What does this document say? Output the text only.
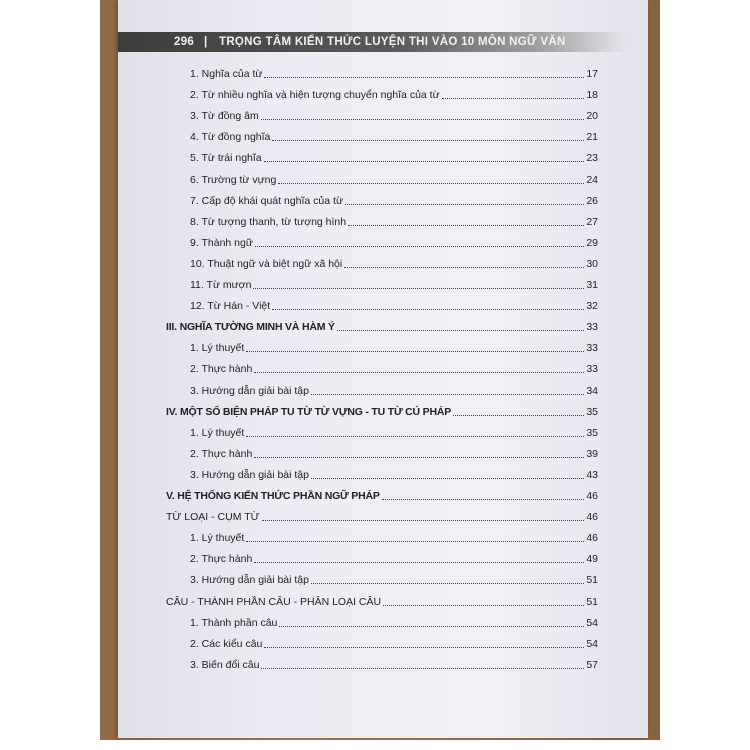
296 | TRỌNG TÂM KIẾN THỨC LUYỆN THI VÀO 10 MÔN NGỮ VĂN
1. Nghĩa của từ	17
2. Từ nhiều nghĩa và hiện tượng chuyển nghĩa của từ	18
3. Từ đồng âm	20
4. Từ đồng nghĩa	21
5. Từ trái nghĩa	23
6. Trường từ vựng	24
7. Cấp độ khái quát nghĩa của từ	26
8. Từ tượng thanh, từ tượng hình	27
9. Thành ngữ	29
10. Thuật ngữ và biệt ngữ xã hội	30
11. Từ mượn	31
12. Từ Hán - Việt	32
III. NGHĨA TƯỜNG MINH VÀ HÀM Ý	33
1. Lý thuyết	33
2. Thực hành	33
3. Hướng dẫn giải bài tập	34
IV. MỘT SỐ BIỆN PHÁP TU TỪ TỪ VỰNG - TU TỪ CÚ PHÁP	35
1. Lý thuyết	35
2. Thực hành	39
3. Hướng dẫn giải bài tập	43
V. HỆ THỐNG KIẾN THỨC PHẦN NGỮ PHÁP	46
TỪ LOẠI - CỤM TỪ	46
1. Lý thuyết	46
2. Thực hành	49
3. Hướng dẫn giải bài tập	51
CÂU - THÀNH PHẦN CÂU - PHÂN LOẠI CÂU	51
1. Thành phần câu	54
2. Các kiểu câu	54
3. Biến đổi câu	57
